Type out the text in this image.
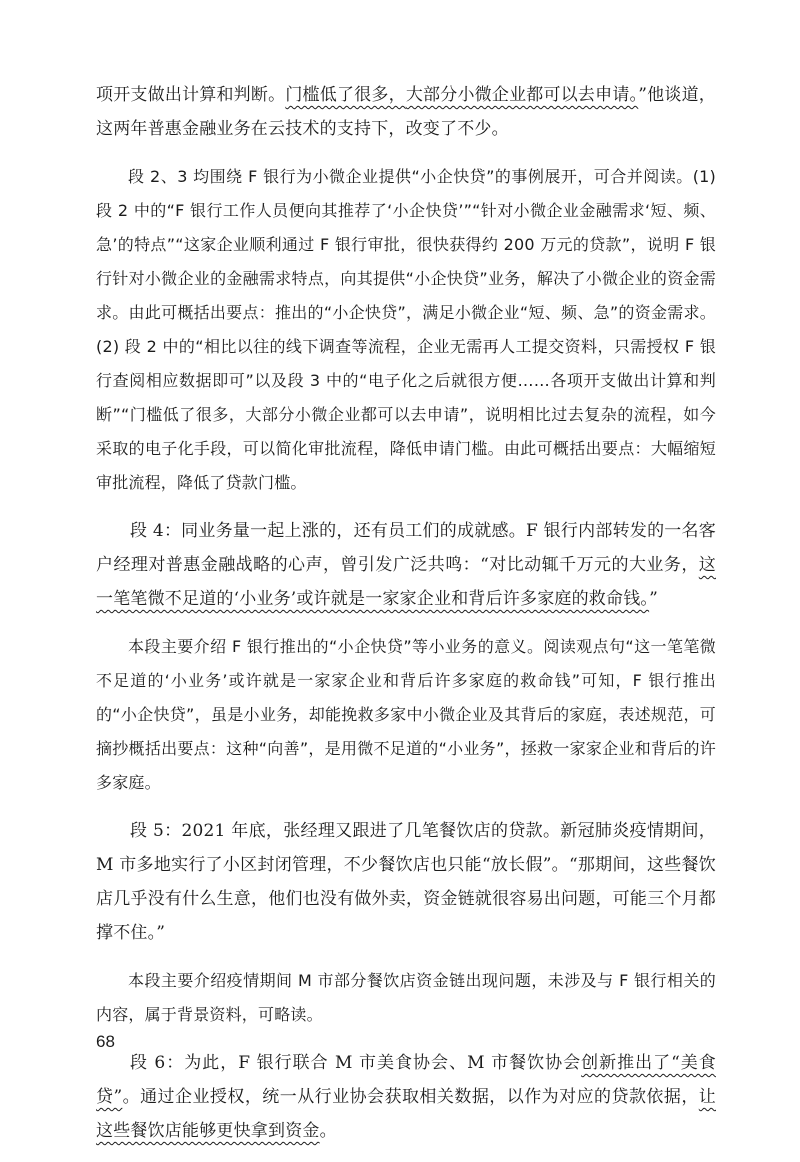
项开支做出计算和判断。门槛低了很多，大部分小微企业都可以去申请。”他谈道，这两年普惠金融业务在云技术的支持下，改变了不少。

段 2、3 均围绕 F 银行为小微企业提供“小企快贷”的事例展开，可合并阅读。(1) 段 2 中的“F 银行工作人员便向其推荐了‘小企快贷’”“针对小微企业金融需求‘短、频、急’的特点”“这家企业顺利通过 F 银行审批，很快获得约 200 万元的贷款”，说明 F 银行针对小微企业的金融需求特点，向其提供“小企快贷”业务，解决了小微企业的资金需求。由此可概括出要点：推出的“小企快贷”，满足小微企业“短、频、急”的资金需求。(2) 段 2 中的“相比以往的线下调查等流程，企业无需再人工提交资料，只需授权 F 银行查阅相应数据即可”以及段 3 中的“电子化之后就很方便……各项开支做出计算和判断”“门槛低了很多，大部分小微企业都可以去申请”，说明相比过去复杂的流程，如今采取的电子化手段，可以简化审批流程，降低申请门槛。由此可概括出要点：大幅缩短审批流程，降低了贷款门槛。

段 4：同业务量一起上涨的，还有员工们的成就感。F 银行内部转发的一名客户经理对普惠金融战略的心声，曾引发广泛共鸣：“对比动辄千万元的大业务，这一笔笔微不足道的‘小业务’或许就是一家家企业和背后许多家庭的救命钱。”

本段主要介绍 F 银行推出的“小企快贷”等小业务的意义。阅读观点句“这一笔笔微不足道的‘小业务’或许就是一家家企业和背后许多家庭的救命钱”可知，F 银行推出的“小企快贷”，虽是小业务，却能挽救多家中小微企业及其背后的家庭，表述规范，可摘抄概括出要点：这种“向善”，是用微不足道的“小业务”，拯救一家家企业和背后的许多家庭。

段 5：2021 年底，张经理又跟进了几笔餐饮店的贷款。新冠肺炎疫情期间，M 市多地实行了小区封闭管理，不少餐饮店也只能“放长假”。“那期间，这些餐饮店几乎没有什么生意，他们也没有做外卖，资金链就很容易出问题，可能三个月都撑不住。”

本段主要介绍疫情期间 M 市部分餐饮店资金链出现问题，未涉及与 F 银行相关的内容，属于背景资料，可略读。

段 6：为此，F 银行联合 M 市美食协会、M 市餐饮协会创新推出了“美食贷”。通过企业授权，统一从行业协会获取相关数据，以作为对应的贷款依据，让这些餐饮店能够更快拿到资金。

68
